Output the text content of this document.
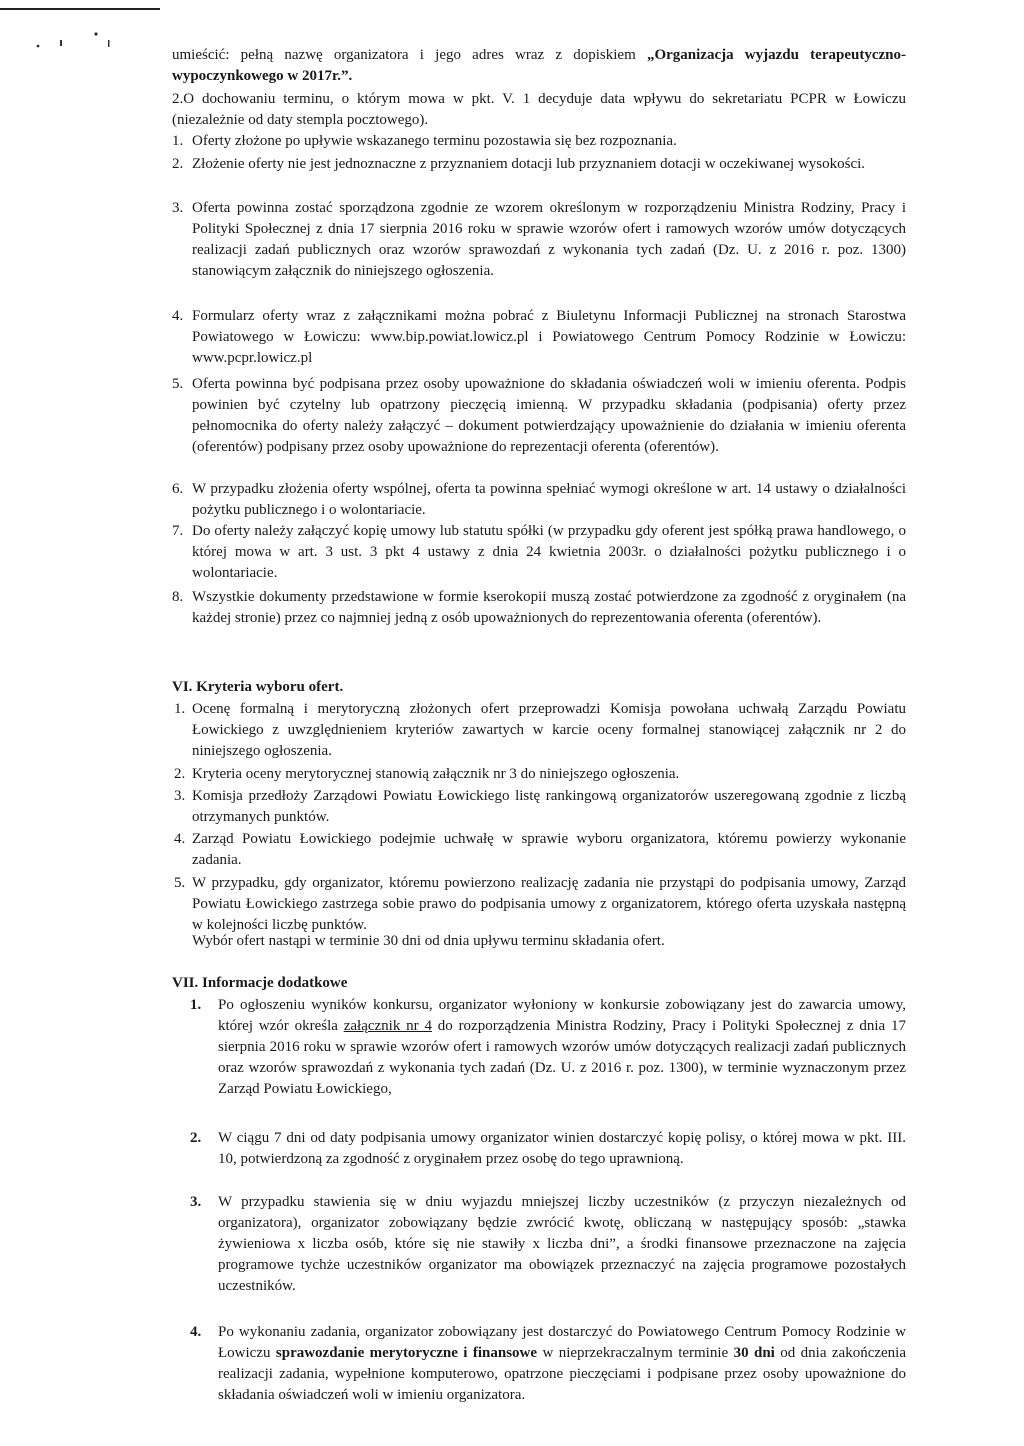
umieścić: pełną nazwę organizatora i jego adres wraz z dopiskiem „Organizacja wyjazdu terapeutyczno-wypoczynkowego w 2017r.”.
2.O dochowaniu terminu, o którym mowa w pkt. V. 1 decyduje data wpływu do sekretariatu PCPR w Łowiczu (niezależnie od daty stempla pocztowego).
VI. Kryteria wyboru ofert.
Wybór ofert nastąpi w terminie 30 dni od dnia upływu terminu składania ofert.
VII. Informacje dodatkowe
1.	Po ogłoszeniu wyników konkursu, organizator wyłoniony w konkursie zobowiązany jest do zawarcia umowy, której wzór określa załącznik nr 4 do rozporządzenia Ministra Rodziny, Pracy i Polityki Społecznej z dnia 17 sierpnia 2016 roku w sprawie wzorów ofert i ramowych wzorów umów dotyczących realizacji zadań publicznych oraz wzorów sprawozdań z wykonania tych zadań (Dz. U. z 2016 r. poz. 1300), w terminie wyznaczonym przez Zarząd Powiatu Łowickiego,
2.	W ciągu 7 dni od daty podpisania umowy organizator winien dostarczyć kopię polisy, o której mowa w pkt. III. 10, potwierdzoną za zgodność z oryginałem przez osobę do tego uprawnioną.
3.	W przypadku stawienia się w dniu wyjazdu mniejszej liczby uczestników (z przyczyn niezależnych od organizatora), organizator zobowiązany będzie zwrócić kwotę, obliczaną w następujący sposób: „stawka żywieniowa x liczba osób, które się nie stawiły x liczba dni”, a środki finansowe przeznaczone na zajęcia programowe tychże uczestników organizator ma obowiązek przeznaczyć na zajęcia programowe pozostałych uczestników.
4.	Po wykonaniu zadania, organizator zobowiązany jest dostarczyć do Powiatowego Centrum Pomocy Rodzinie w Łowiczu sprawozdanie merytoryczne i finansowe w nieprzekraczalnym terminie 30 dni od dnia zakończenia realizacji zadania, wypełnione komputerowo, opatrzone pieczęciami i podpisane przez osoby upoważnione do składania oświadczeń woli w imieniu organizatora.
1. Oferty złożone po upływie wskazanego terminu pozostawia się bez rozpoznania.
2. Złożenie oferty nie jest jednoznaczne z przyznaniem dotacji lub przyznaniem dotacji w oczekiwanej wysokości.
3. Oferta powinna zostać sporządzona zgodnie ze wzorem określonym w rozporządzeniu Ministra Rodziny, Pracy i Polityki Społecznej z dnia 17 sierpnia 2016 roku w sprawie wzorów ofert i ramowych wzorów umów dotyczących realizacji zadań publicznych oraz wzorów sprawozdań z wykonania tych zadań (Dz. U. z 2016 r. poz. 1300) stanowiącym załącznik do niniejszego ogłoszenia.
4. Formularz oferty wraz z załącznikami można pobrać z Biuletynu Informacji Publicznej na stronach Starostwa Powiatowego w Łowiczu: www.bip.powiat.lowicz.pl i Powiatowego Centrum Pomocy Rodzinie w Łowiczu: www.pcpr.lowicz.pl
5. Oferta powinna być podpisana przez osoby upoważnione do składania oświadczeń woli w imieniu oferenta. Podpis powinien być czytelny lub opatrzony pieczęcią imienną. W przypadku składania (podpisania) oferty przez pełnomocnika do oferty należy załączyć – dokument potwierdzający upoważnienie do działania w imieniu oferenta (oferentów) podpisany przez osoby upoważnione do reprezentacji oferenta (oferentów).
6. W przypadku złożenia oferty wspólnej, oferta ta powinna spełniać wymogi określone w art. 14 ustawy o działalności pożytku publicznego i o wolontariacie.
7. Do oferty należy załączyć kopię umowy lub statutu spółki (w przypadku gdy oferent jest spółką prawa handlowego, o której mowa w art. 3 ust. 3 pkt 4 ustawy z dnia 24 kwietnia 2003r. o działalności pożytku publicznego i o wolontariacie.
8. Wszystkie dokumenty przedstawione w formie kserokopii muszą zostać potwierdzone za zgodność z oryginałem (na każdej stronie) przez co najmniej jedną z osób upoważnionych do reprezentowania oferenta (oferentów).
1. Ocenę formalną i merytoryczną złożonych ofert przeprowadzi Komisja powołana uchwałą Zarządu Powiatu Łowickiego z uwzględnieniem kryteriów zawartych w karcie oceny formalnej stanowiącej załącznik nr 2 do niniejszego ogłoszenia.
2. Kryteria oceny merytorycznej stanowią załącznik nr 3 do niniejszego ogłoszenia.
3. Komisja przedłoży Zarządowi Powiatu Łowickiego listę rankingową organizatorów uszeregowaną zgodnie z liczbą otrzymanych punktów.
4. Zarząd Powiatu Łowickiego podejmie uchwałę w sprawie wyboru organizatora, któremu powierzy wykonanie zadania.
5. W przypadku, gdy organizator, któremu powierzono realizację zadania nie przystąpi do podpisania umowy, Zarząd Powiatu Łowickiego zastrzega sobie prawo do podpisania umowy z organizatorem, którego oferta uzyskała następną w kolejności liczbę punktów.
